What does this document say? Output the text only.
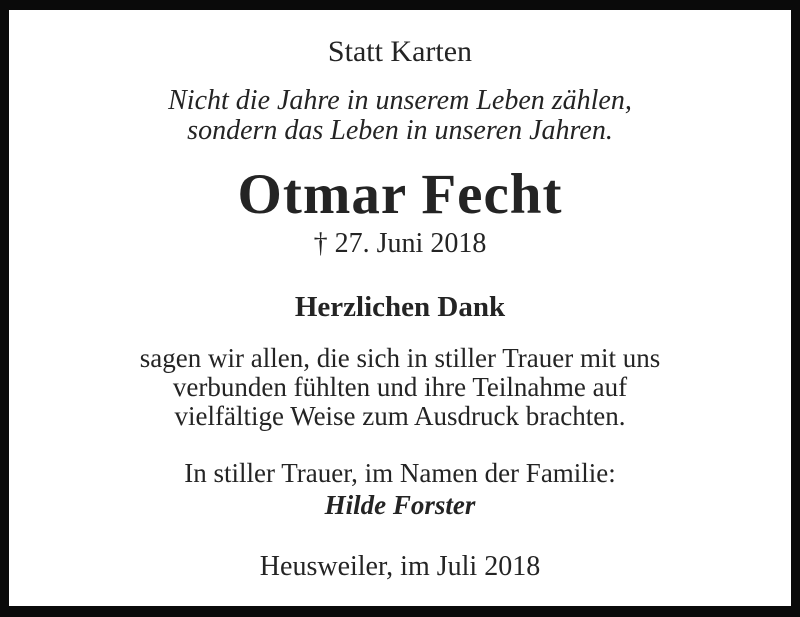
Statt Karten
Nicht die Jahre in unserem Leben zählen,
sondern das Leben in unseren Jahren.
Otmar Fecht
† 27. Juni 2018
Herzlichen Dank
sagen wir allen, die sich in stiller Trauer mit uns
verbunden fühlten und ihre Teilnahme auf
vielfältige Weise zum Ausdruck brachten.
In stiller Trauer, im Namen der Familie:
Hilde Forster
Heusweiler, im Juli 2018
